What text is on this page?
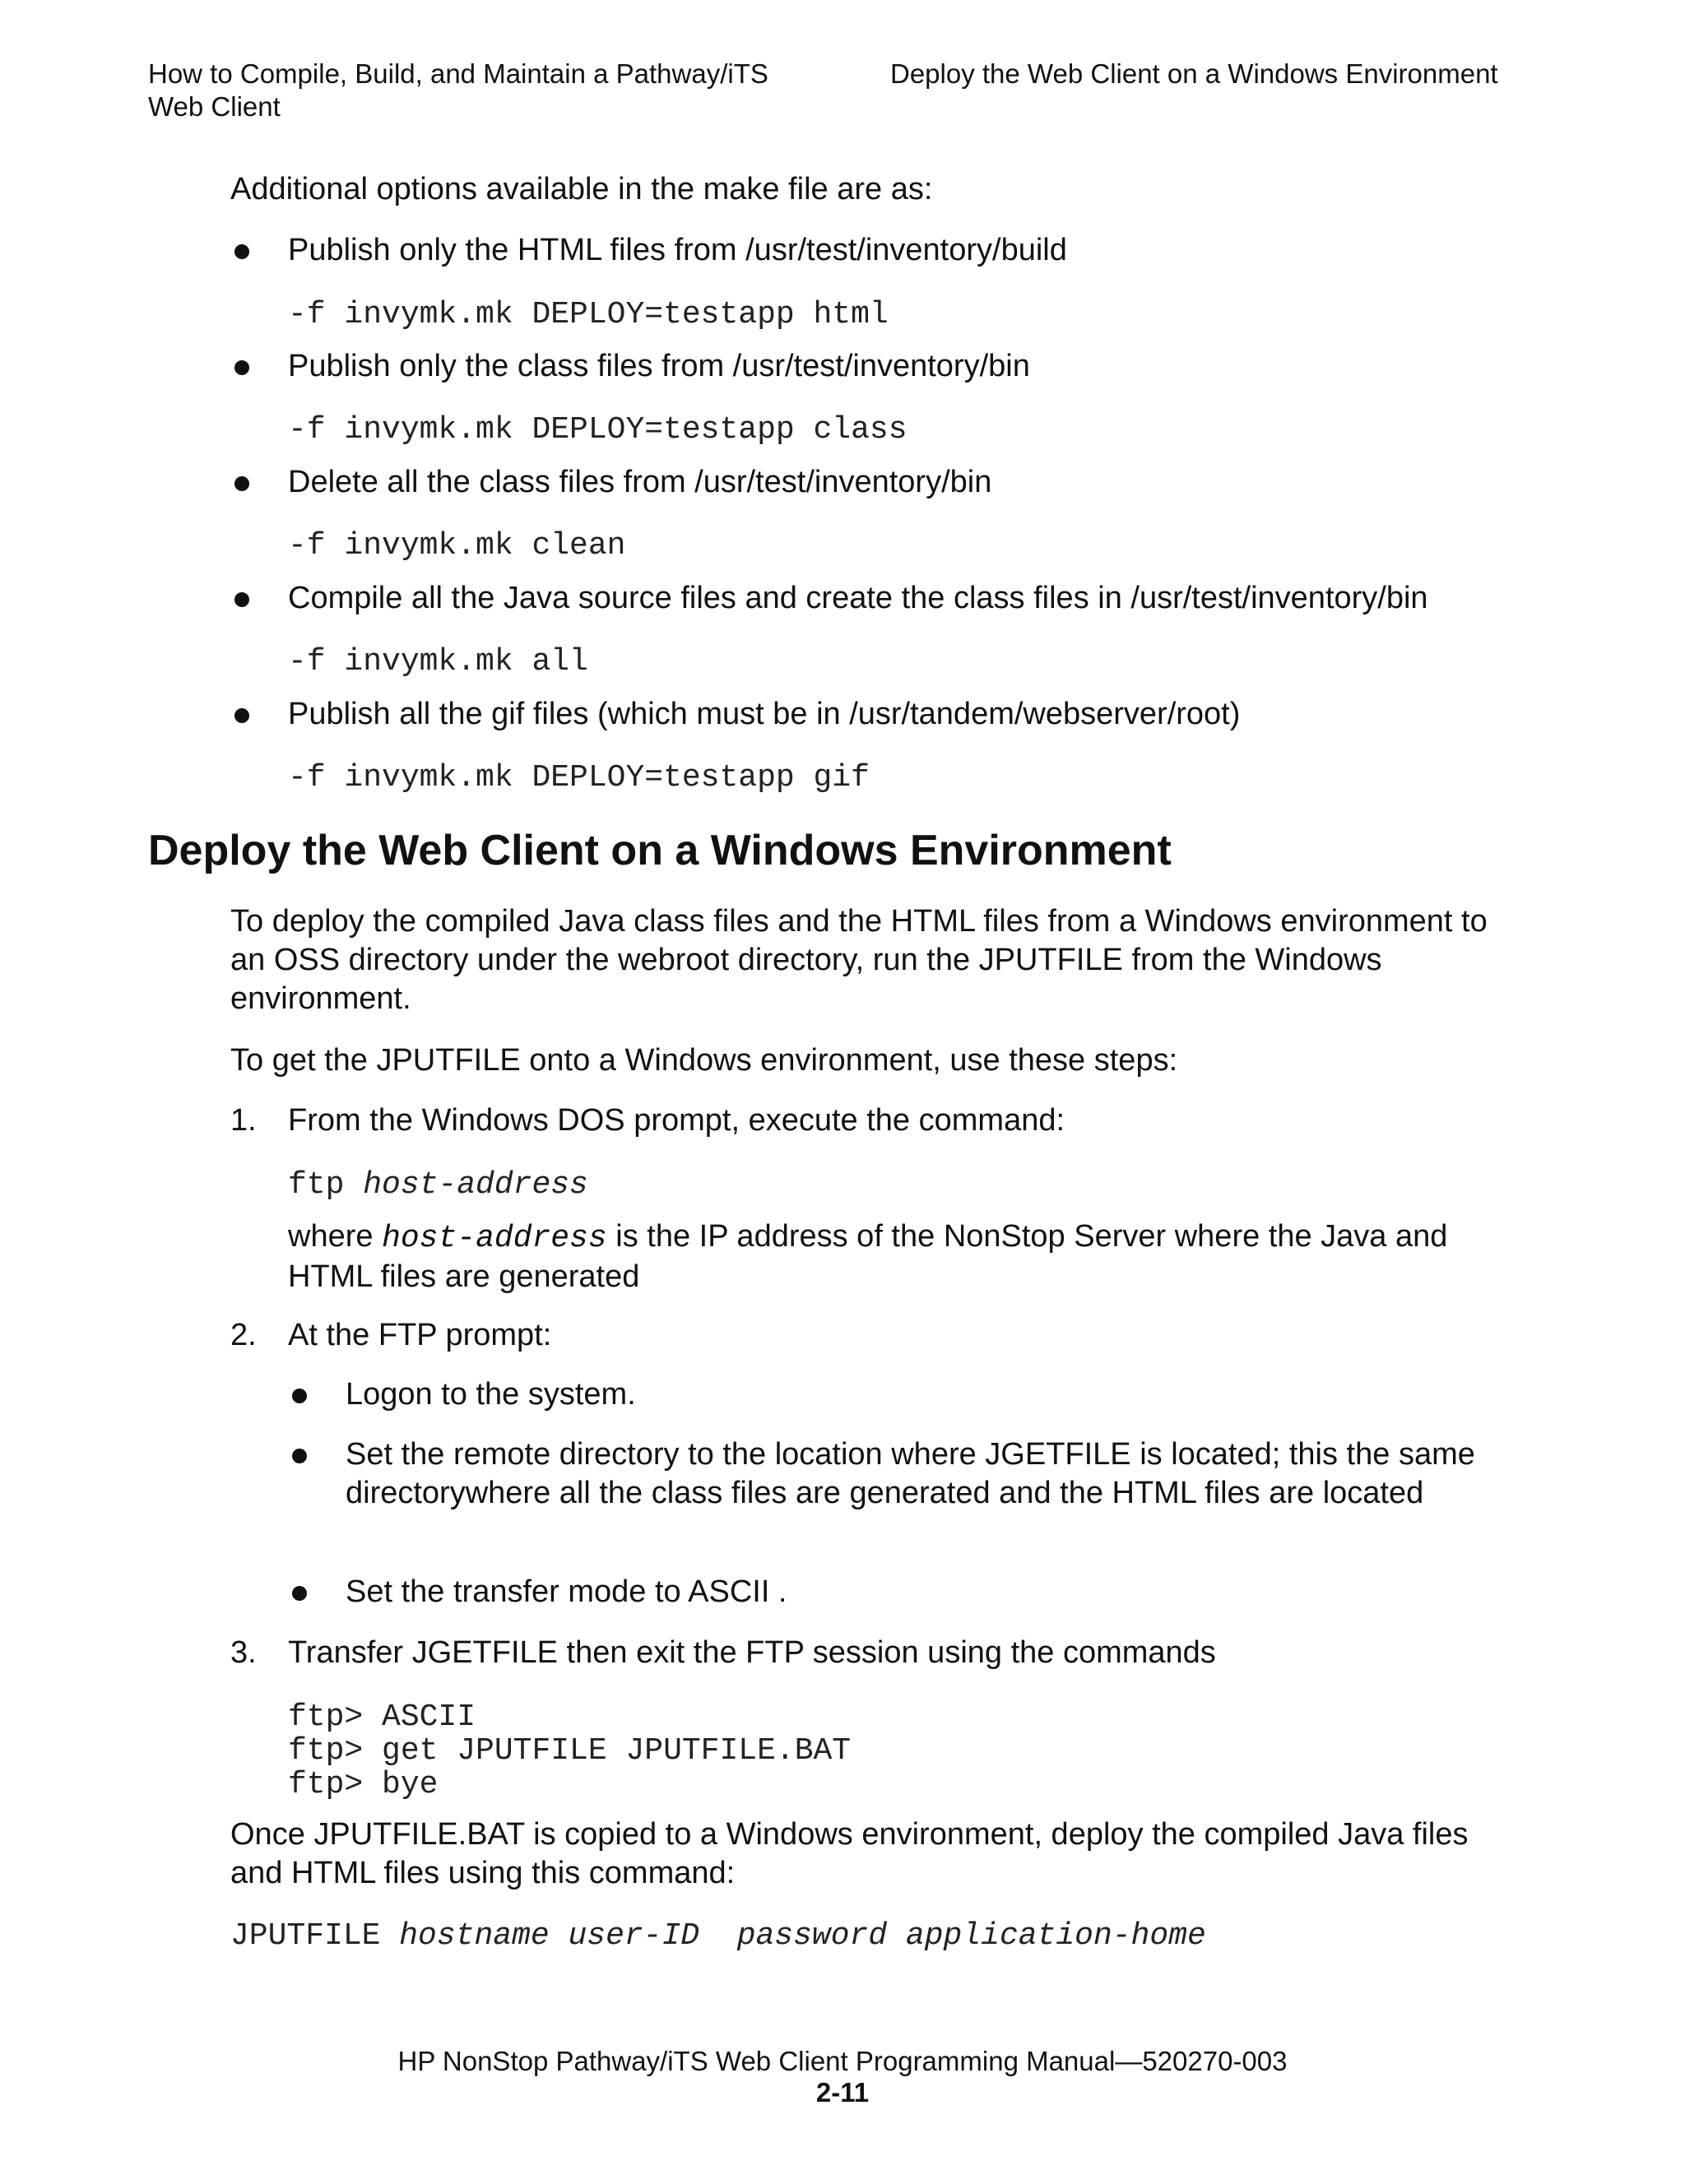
How to Compile, Build, and Maintain a Pathway/iTS Web Client
Deploy the Web Client on a Windows Environment
Additional options available in the make file are as:
Publish only the HTML files from /usr/test/inventory/build
-f invymk.mk DEPLOY=testapp html
Publish only the class files from /usr/test/inventory/bin
-f invymk.mk DEPLOY=testapp class
Delete all the class files from /usr/test/inventory/bin
-f invymk.mk clean
Compile all the Java source files and create the class files in /usr/test/inventory/bin
-f invymk.mk all
Publish all the gif files (which must be in /usr/tandem/webserver/root)
-f invymk.mk DEPLOY=testapp gif
Deploy the Web Client on a Windows Environment
To deploy the compiled Java class files and the HTML files from a Windows environment to an OSS directory under the webroot directory, run the JPUTFILE from the Windows environment.
To get the JPUTFILE onto a Windows environment, use these steps:
1. From the Windows DOS prompt, execute the command:
ftp host-address
where host-address is the IP address of the NonStop Server where the Java and HTML files are generated
2. At the FTP prompt:
Logon to the system.
Set the remote directory to the location where JGETFILE is located; this the same directorywhere all the class files are generated and the HTML files are located
Set the transfer mode to ASCII .
3. Transfer JGETFILE then exit the FTP session using the commands
ftp> ASCII
ftp> get JPUTFILE JPUTFILE.BAT
ftp> bye
Once JPUTFILE.BAT is copied to a Windows environment, deploy the compiled Java files and HTML files using this command:
JPUTFILE hostname user-ID  password application-home
HP NonStop Pathway/iTS Web Client Programming Manual—520270-003
2-11
